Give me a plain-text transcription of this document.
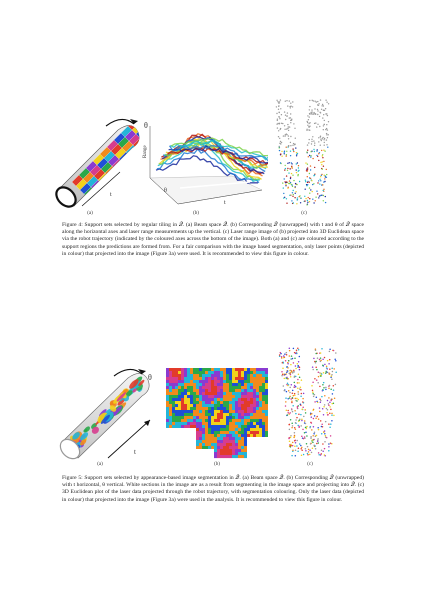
θ
t
(a)
Range
θ
t
(b)	(c)

Figure 4: Support sets selected by regular tiling in 𝒬. (a) Beam space 𝒬. (b) Corresponding 𝒬 (unwrapped) with t and θ of 𝒬 space along the horizontal axes and laser range measurements up the vertical. (c) Laser range image of (b) projected into 3D Euclidean space via the robot trajectory (indicated by the coloured axes across the bottom of the image). Both (a) and (c) are coloured according to the support regions the predictions are formed from. For a fair comparison with the image based segmentation, only laser points (depicted in colour) that projected into the image (Figure 3a) were used. It is recommended to view this figure in colour.

θ
t
(a)	(b)	(c)

Figure 5: Support sets selected by appearance-based image segmentation in 𝒬. (a) Beam space 𝒬. (b) Corresponding 𝒬 (unwrapped) with t horizontal, θ vertical. White sections in the image are as a result from segmenting in the image space and projecting into 𝒬. (c) 3D Euclidean plot of the laser data projected through the robot trajectory, with segmentation colouring. Only the laser data (depicted in colour) that projected into the image (Figure 3a) were used in the analysis. It is recommended to view this figure in colour.
